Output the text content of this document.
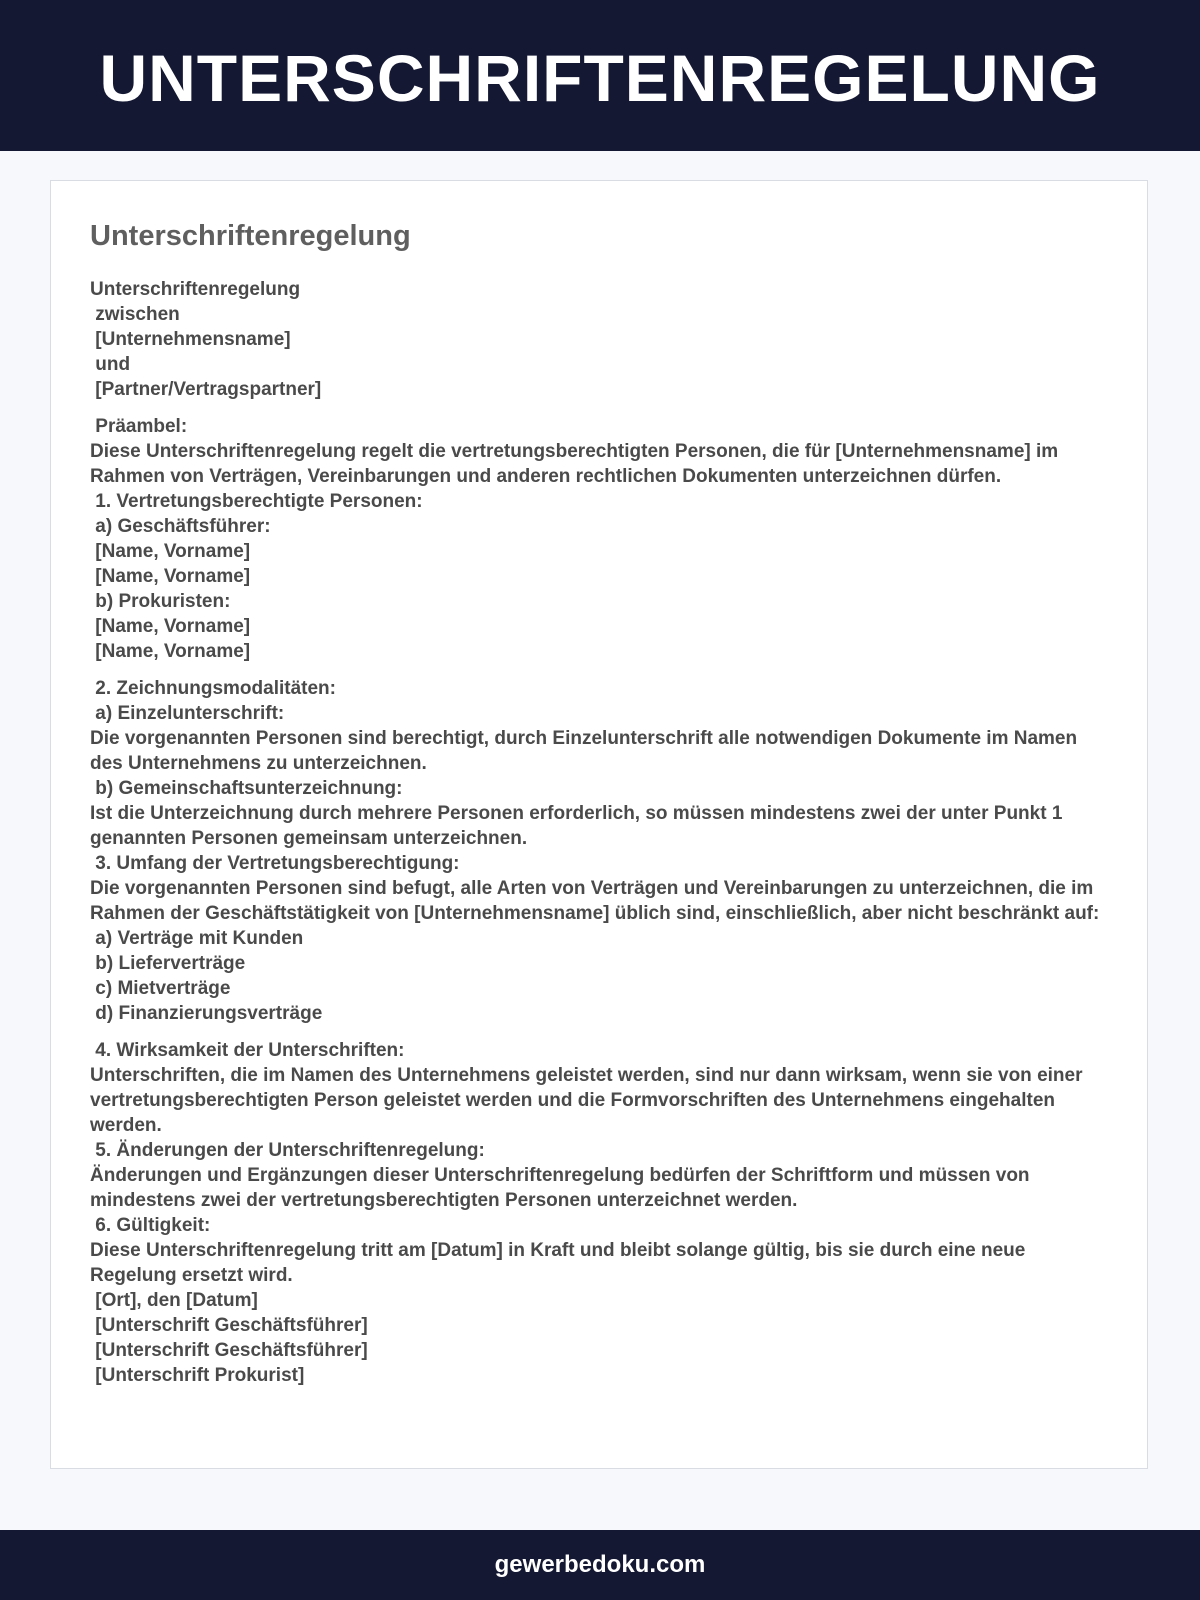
UNTERSCHRIFTENREGELUNG
Unterschriftenregelung

Unterschriftenregelung
zwischen
[Unternehmensname]
und
[Partner/Vertragspartner]

Präambel:
Diese Unterschriftenregelung regelt die vertretungsberechtigten Personen, die für [Unternehmensname] im Rahmen von Verträgen, Vereinbarungen und anderen rechtlichen Dokumenten unterzeichnen dürfen.
1. Vertretungsberechtigte Personen:
a) Geschäftsführer:
[Name, Vorname]
[Name, Vorname]
b) Prokuristen:
[Name, Vorname]
[Name, Vorname]

2. Zeichnungsmodalitäten:
a) Einzelunterschrift:
Die vorgenannten Personen sind berechtigt, durch Einzelunterschrift alle notwendigen Dokumente im Namen des Unternehmens zu unterzeichnen.
b) Gemeinschaftsunterzeichnung:
Ist die Unterzeichnung durch mehrere Personen erforderlich, so müssen mindestens zwei der unter Punkt 1 genannten Personen gemeinsam unterzeichnen.
3. Umfang der Vertretungsberechtigung:
Die vorgenannten Personen sind befugt, alle Arten von Verträgen und Vereinbarungen zu unterzeichnen, die im Rahmen der Geschäftstätigkeit von [Unternehmensname] üblich sind, einschließlich, aber nicht beschränkt auf:
a) Verträge mit Kunden
b) Lieferverträge
c) Mietverträge
d) Finanzierungsverträge

4. Wirksamkeit der Unterschriften:
Unterschriften, die im Namen des Unternehmens geleistet werden, sind nur dann wirksam, wenn sie von einer vertretungsberechtigten Person geleistet werden und die Formvorschriften des Unternehmens eingehalten werden.
5. Änderungen der Unterschriftenregelung:
Änderungen und Ergänzungen dieser Unterschriftenregelung bedürfen der Schriftform und müssen von mindestens zwei der vertretungsberechtigten Personen unterzeichnet werden.
6. Gültigkeit:
Diese Unterschriftenregelung tritt am [Datum] in Kraft und bleibt solange gültig, bis sie durch eine neue Regelung ersetzt wird.
[Ort], den [Datum]
[Unterschrift Geschäftsführer]
[Unterschrift Geschäftsführer]
[Unterschrift Prokurist]

gewerbedoku.com
